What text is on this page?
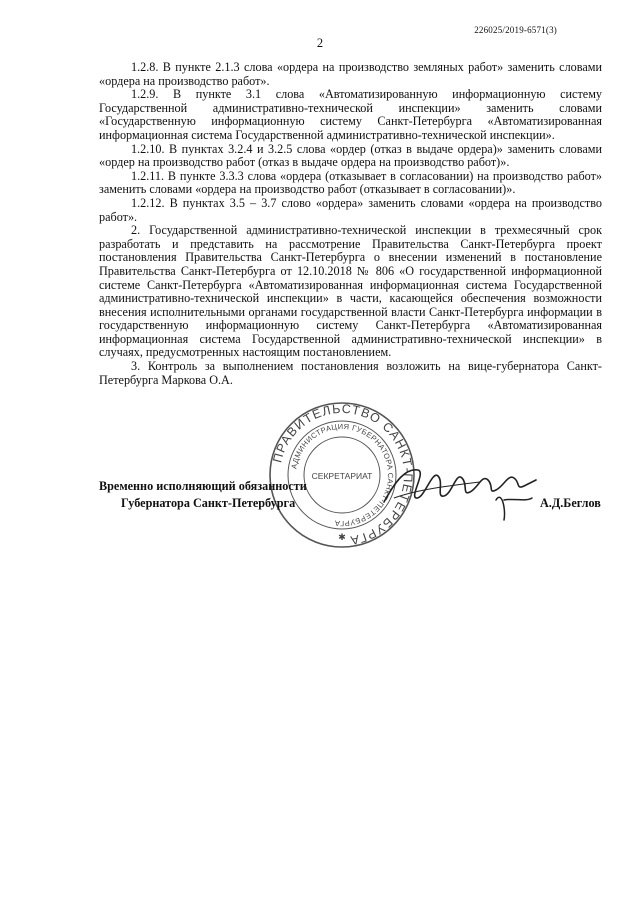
226025/2019-6571(3)
2

1.2.8. В пункте 2.1.3 слова «ордера на производство земляных работ» заменить словами «ордера на производство работ».

1.2.9. В пункте 3.1 слова «Автоматизированную информационную систему Государственной административно-технической инспекции» заменить словами «Государственную информационную систему Санкт-Петербурга «Автоматизированная информационная система Государственной административно-технической инспекции».

1.2.10. В пунктах 3.2.4 и 3.2.5 слова «ордер (отказ в выдаче ордера)» заменить словами «ордер на производство работ (отказ в выдаче ордера на производство работ)».

1.2.11. В пункте 3.3.3 слова «ордера (отказывает в согласовании) на производство работ» заменить словами «ордера на производство работ (отказывает в согласовании)».

1.2.12. В пунктах 3.5 – 3.7 слово «ордера» заменить словами «ордера на производство работ».

2. Государственной административно-технической инспекции в трехмесячный срок разработать и представить на рассмотрение Правительства Санкт-Петербурга проект постановления Правительства Санкт-Петербурга о внесении изменений в постановление Правительства Санкт-Петербурга от 12.10.2018 № 806 «О государственной информационной системе Санкт-Петербурга «Автоматизированная информационная система Государственной административно-технической инспекции» в части, касающейся обеспечения возможности внесения исполнительными органами государственной власти Санкт-Петербурга информации в государственную информационную систему Санкт-Петербурга «Автоматизированная информационная система Государственной административно-технической инспекции» в случаях, предусмотренных настоящим постановлением.

3. Контроль за выполнением постановления возложить на вице-губернатора Санкт-Петербурга Маркова О.А.

ПРАВИТЕЛЬСТВО САНКТ-ПЕТЕРБУРГА
АДМИНИСТРАЦИЯ ГУБЕРНАТОРА САНКТ-ПЕТЕРБУРГА
СЕКРЕТАРИАТ
✱
Временно исполняющий обязанности
Губернатора Санкт-Петербурга	А.Д.Беглов
